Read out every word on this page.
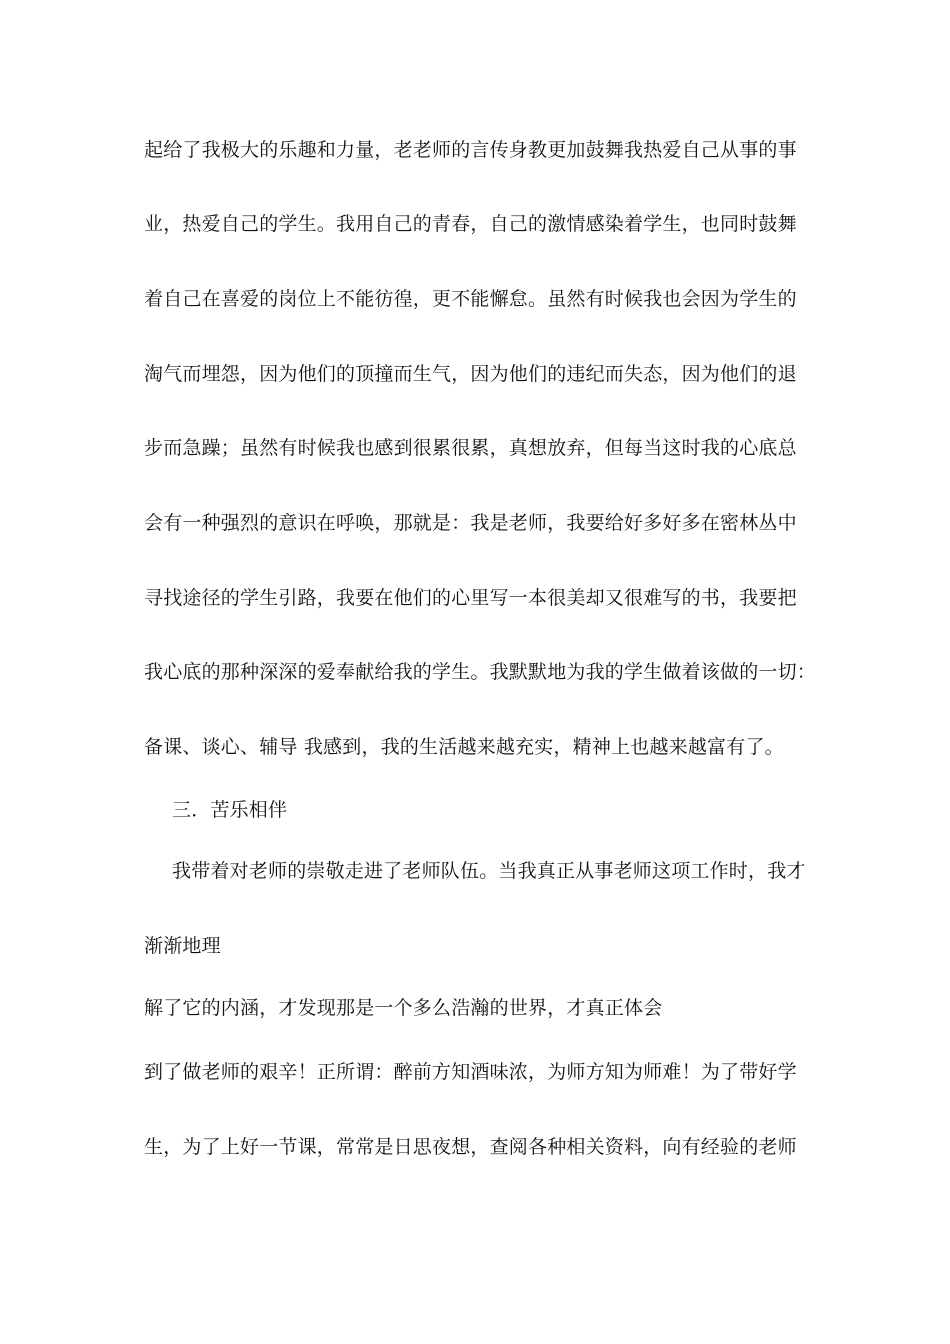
起给了我极大的乐趣和力量，老老师的言传身教更加鼓舞我热爱自己从事的事
业，热爱自己的学生。我用自己的青春，自己的激情感染着学生，也同时鼓舞
着自己在喜爱的岗位上不能彷徨，更不能懈怠。虽然有时候我也会因为学生的
淘气而埋怨，因为他们的顶撞而生气，因为他们的违纪而失态，因为他们的退
步而急躁；虽然有时候我也感到很累很累，真想放弃，但每当这时我的心底总
会有一种强烈的意识在呼唤，那就是：我是老师，我要给好多好多在密林丛中
寻找途径的学生引路，我要在他们的心里写一本很美却又很难写的书，我要把
我心底的那种深深的爱奉献给我的学生。我默默地为我的学生做着该做的一切：
备课、谈心、辅导 我感到，我的生活越来越充实，精神上也越来越富有了。
三．苦乐相伴
我带着对老师的崇敬走进了老师队伍。当我真正从事老师这项工作时，我才
渐渐地理
解了它的内涵，才发现那是一个多么浩瀚的世界，才真正体会
到了做老师的艰辛！正所谓：醉前方知酒味浓，为师方知为师难！为了带好学
生，为了上好一节课，常常是日思夜想，查阅各种相关资料，向有经验的老师
